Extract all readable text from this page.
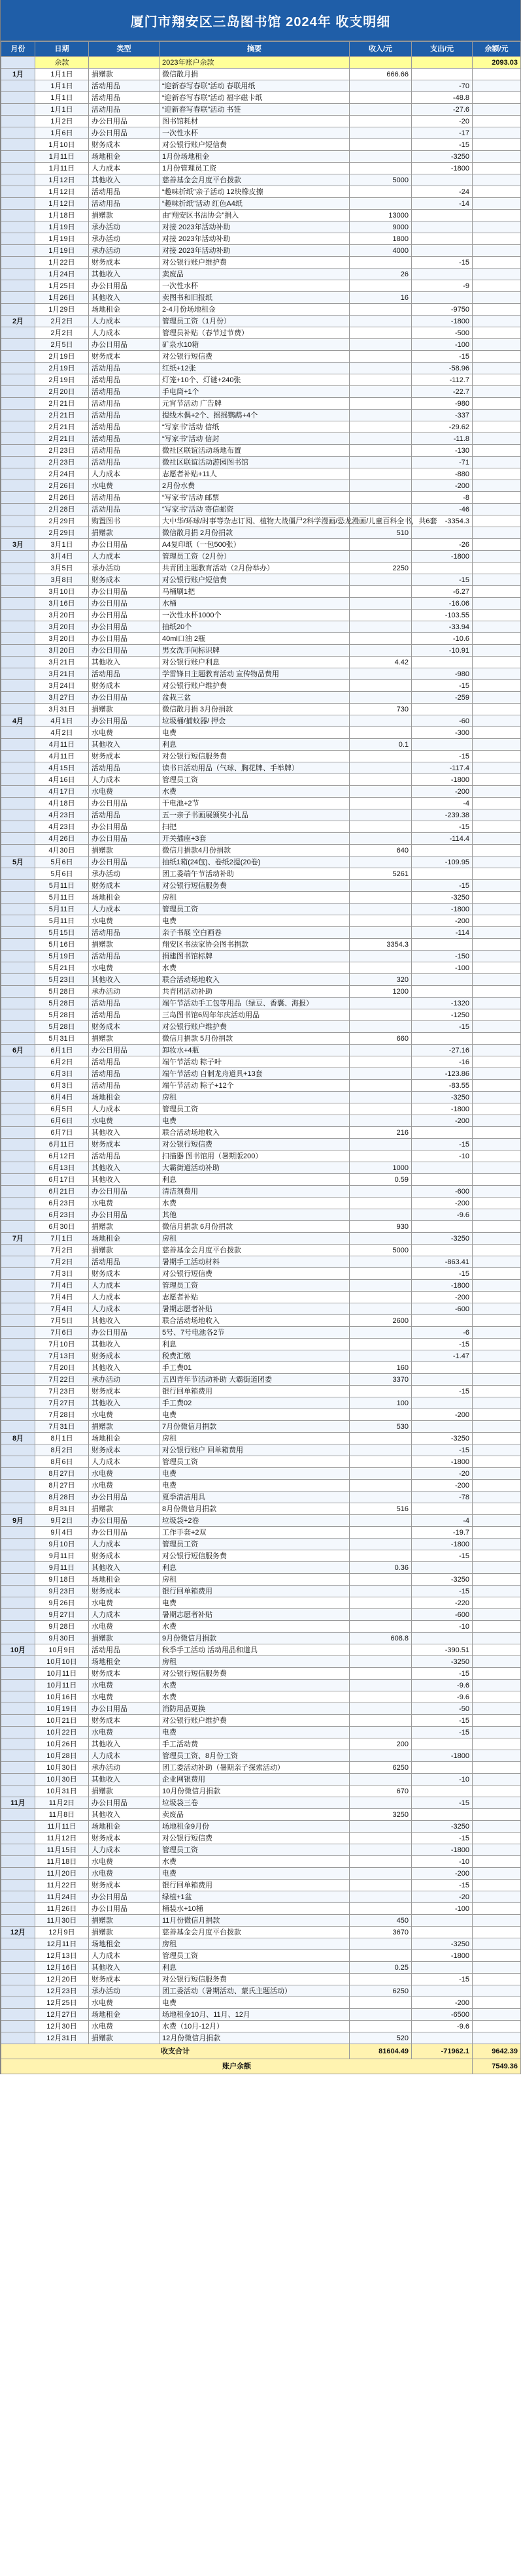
厦门市翔安区三岛图书馆 2024年 收支明细
月份	日期	类型	摘要	收入/元	支出/元	余额/元
	余款		2023年账户余款			2093.03
1月	1月1日	捐赠款	微信散月捐	666.66		
	1月1日	活动用品	“迎新春写春联”活动 春联用纸		-70	
	1月1日	活动用品	“迎新春写春联”活动 福字磁卡纸		-48.8	
	1月1日	活动用品	“迎新春写春联”活动 书签		-27.6	
	1月2日	办公日用品	图书馆耗材		-20	
	1月6日	办公日用品	一次性水杯		-17	
	1月10日	财务成本	对公银行账户短信费		-15	
	1月11日	场地租金	1月份场地租金		-3250	
	1月11日	人力成本	1月份管理员工资		-1800	
	1月12日	其他收入	慈善基金会月度平台拨款	5000		
	1月12日	活动用品	“趣味折纸”亲子活动 12块橡皮擦		-24	
	1月12日	活动用品	“趣味折纸”活动 红色A4纸		-14	
	1月18日	捐赠款	由“翔安区书法协会”捐入	13000		
	1月19日	承办活动	对接 2023年活动补助	9000		
	1月19日	承办活动	对接 2023年活动补助	1800		
	1月19日	承办活动	对接 2023年活动补助	4000		
	1月22日	财务成本	对公银行账户维护费		-15	
	1月24日	其他收入	卖废品	26		
	1月25日	办公日用品	一次性水杯		-9	
	1月26日	其他收入	卖图书和旧报纸	16		
	1月29日	场地租金	2-4月份场地租金		-9750	
2月	2月2日	人力成本	管理员工资（1月份）		-1800	
	2月2日	人力成本	管理员补贴（春节过节费）		-500	
	2月5日	办公日用品	矿泉水10箱		-100	
	2月19日	财务成本	对公银行短信费		-15	
	2月19日	活动用品	红纸+12张		-58.96	
	2月19日	活动用品	灯笼+10个、灯谜+240张		-112.7	
	2月20日	活动用品	手电筒+1个		-22.7	
	2月21日	活动用品	元宵节活动 广告牌		-980	
	2月21日	活动用品	提线木偶+2个、摇摇鹦鹉+4个		-337	
	2月21日	活动用品	“写家书”活动 信纸		-29.62	
	2月21日	活动用品	“写家书”活动 信封		-11.8	
	2月23日	活动用品	微社区联谊活动场地布置		-130	
	2月23日	活动用品	微社区联谊活动游园图书馆		-71	
	2月24日	人力成本	志愿者补贴+11人		-880	
	2月26日	水电费	2月份水费		-200	
	2月26日	活动用品	“写家书”活动 邮票		-8	
	2月28日	活动用品	“写家书”活动 寄信邮资		-46	
	2月29日	购置图书	大中华/环球/时事等杂志订阅、植物大战僵尸2科学漫画/恐龙漫画/儿童百科全书，共6套		-3354.3	
	2月29日	捐赠款	微信散月捐 2月份捐款	510		
3月	3月1日	办公日用品	A4复印纸（一包500张）		-26	
	3月4日	人力成本	管理员工资（2月份）		-1800	
	3月5日	承办活动	共青团主题教育活动（2月份举办）	2250		
	3月8日	财务成本	对公银行账户短信费		-15	
	3月10日	办公日用品	马桶刷1把		-6.27	
	3月16日	办公日用品	水桶		-16.06	
	3月20日	办公日用品	一次性水杯1000个		-103.55	
	3月20日	办公日用品	抽纸20个		-33.94	
	3月20日	办公日用品	40ml口油 2瓶		-10.6	
	3月20日	办公日用品	男女洗手间标识牌		-10.91	
	3月21日	其他收入	对公银行账户利息	4.42		
	3月21日	活动用品	学雷锋日主题教育活动 宣传物品费用		-980	
	3月24日	财务成本	对公银行账户维护费		-15	
	3月27日	办公日用品	盆栽三盆		-259	
	3月31日	捐赠款	微信散月捐 3月份捐款	730		
4月	4月1日	办公日用品	垃圾桶/捕蚊器/ 押金		-60	
	4月2日	水电费	电费		-300	
	4月11日	其他收入	利息	0.1		
	4月11日	财务成本	对公银行短信服务费		-15	
	4月15日	活动用品	读书日活动用品（气球、胸花牌、手举牌）		-117.4	
	4月16日	人力成本	管理员工资		-1800	
	4月17日	水电费	水费		-200	
	4月18日	办公日用品	干电池+2节		-4	
	4月23日	活动用品	五一亲子书画展颁奖小礼品		-239.38	
	4月23日	办公日用品	扫把		-15	
	4月26日	办公日用品	开关插座+3套		-114.4	
	4月30日	捐赠款	微信月捐款4月份捐款	640		
5月	5月6日	办公日用品	抽纸1箱(24包)、卷纸2提(20卷)		-109.95	
	5月6日	承办活动	团工委端午节活动补助	5261		
	5月11日	财务成本	对公银行短信服务费		-15	
	5月11日	场地租金	房租		-3250	
	5月11日	人力成本	管理员工资		-1800	
	5月11日	水电费	电费		-200	
	5月15日	活动用品	亲子书展 空白画卷		-114	
	5月16日	捐赠款	翔安区书法家协会图书捐款	3354.3		
	5月19日	活动用品	捐建图书馆标牌		-150	
	5月21日	水电费	水费		-100	
	5月23日	其他收入	联合活动场地收入	320		
	5月28日	承办活动	共青团活动补助	1200		
	5月28日	活动用品	端午节活动手工包等用品（绿豆、香囊、海报）		-1320	
	5月28日	活动用品	三岛图书馆6周年年庆活动用品		-1250	
	5月28日	财务成本	对公银行账户维护费		-15	
	5月31日	捐赠款	微信月捐款 5月份捐款	660		
6月	6月1日	办公日用品	卸妆水+4瓶		-27.16	
	6月2日	活动用品	端午节活动 粽子叶		-16	
	6月3日	活动用品	端午节活动 自制龙舟道具+13套		-123.86	
	6月3日	活动用品	端午节活动 粽子+12个		-83.55	
	6月4日	场地租金	房租		-3250	
	6月5日	人力成本	管理员工资		-1800	
	6月6日	水电费	电费		-200	
	6月7日	其他收入	联合活动场地收入	216		
	6月11日	财务成本	对公银行短信费		-15	
	6月12日	活动用品	扫描器 图书馆用（暑期版200）		-10	
	6月13日	其他收入	大霸街道活动补助	1000		
	6月17日	其他收入	利息	0.59		
	6月21日	办公日用品	清洁剂费用		-600	
	6月23日	水电费	水费		-200	
	6月23日	办公日用品	其他		-9.6	
	6月30日	捐赠款	微信月捐款 6月份捐款	930		
7月	7月1日	场地租金	房租		-3250	
	7月2日	捐赠款	慈善基金会月度平台拨款	5000		
	7月2日	活动用品	暑期手工活动材料		-863.41	
	7月3日	财务成本	对公银行短信费		-15	
	7月4日	人力成本	管理员工资		-1800	
	7月4日	人力成本	志愿者补贴		-200	
	7月4日	人力成本	暑期志愿者补贴		-600	
	7月5日	其他收入	联合活动场地收入	2600		
	7月6日	办公日用品	5号、7号电池各2节		-6	
	7月10日	其他收入	利息		-15	
	7月13日	财务成本	税费汇缴		-1.47	
	7月20日	其他收入	手工费01	160		
	7月22日	承办活动	五四青年节活动补助 大霸街道团委	3370		
	7月23日	财务成本	银行回单箱费用		-15	
	7月27日	其他收入	手工费02	100		
	7月28日	水电费	电费		-200	
	7月31日	捐赠款	7月份微信月捐款	530		
8月	8月1日	场地租金	房租		-3250	
	8月2日	财务成本	对公银行账户 回单箱费用		-15	
	8月6日	人力成本	管理员工资		-1800	
	8月27日	水电费	电费		-20	
	8月27日	水电费	电费		-200	
	8月28日	办公日用品	夏季清洁用具		-78	
	8月31日	捐赠款	8月份微信月捐款	516		
9月	9月2日	办公日用品	垃圾袋+2卷		-4	
	9月4日	办公日用品	工作手套+2双		-19.7	
	9月10日	人力成本	管理员工资		-1800	
	9月11日	财务成本	对公银行短信服务费		-15	
	9月11日	其他收入	利息	0.36		
	9月18日	场地租金	房租		-3250	
	9月23日	财务成本	银行回单箱费用		-15	
	9月26日	水电费	电费		-220	
	9月27日	人力成本	暑期志愿者补贴		-600	
	9月28日	水电费	水费		-10	
	9月30日	捐赠款	9月份微信月捐款	608.8		
10月	10月9日	活动用品	秋季手工活动 活动用品和道具		-390.51	
	10月10日	场地租金	房租		-3250	
	10月11日	财务成本	对公银行短信服务费		-15	
	10月11日	水电费	水费		-9.6	
	10月16日	水电费	水费		-9.6	
	10月19日	办公日用品	消防用品更换		-50	
	10月21日	财务成本	对公银行账户维护费		-15	
	10月22日	水电费	电费		-15	
	10月26日	其他收入	手工活动费	200		
	10月28日	人力成本	管理员工资、8月份工资		-1800	
	10月30日	承办活动	团工委活动补助（暑期亲子探索活动）	6250		
	10月30日	其他收入	企业网银费用		-10	
	10月31日	捐赠款	10月份微信月捐款	670		
11月	11月2日	办公日用品	垃圾袋三卷		-15	
	11月8日	其他收入	卖废品	3250		
	11月11日	场地租金	场地租金9月份		-3250	
	11月12日	财务成本	对公银行短信费		-15	
	11月15日	人力成本	管理员工资		-1800	
	11月18日	水电费	水费		-10	
	11月20日	水电费	电费		-200	
	11月22日	财务成本	银行回单箱费用		-15	
	11月24日	办公日用品	绿植+1盆		-20	
	11月26日	办公日用品	桶装水+10桶		-100	
	11月30日	捐赠款	11月份微信月捐款	450		
12月	12月9日	捐赠款	慈善基金会月度平台拨款	3670		
	12月11日	场地租金	房租		-3250	
	12月13日	人力成本	管理员工资		-1800	
	12月16日	其他收入	利息	0.25		
	12月20日	财务成本	对公银行短信服务费		-15	
	12月23日	承办活动	团工委活动（暑期活动、蒙氏主题活动）	6250		
	12月25日	水电费	电费		-200	
	12月27日	场地租金	场地租金10月、11月、12月		-6500	
	12月30日	水电费	水费（10月-12月）		-9.6	
	12月31日	捐赠款	12月份微信月捐款	520		
收支合计				81604.49	-71962.1	9642.39
账户余额						7549.36
